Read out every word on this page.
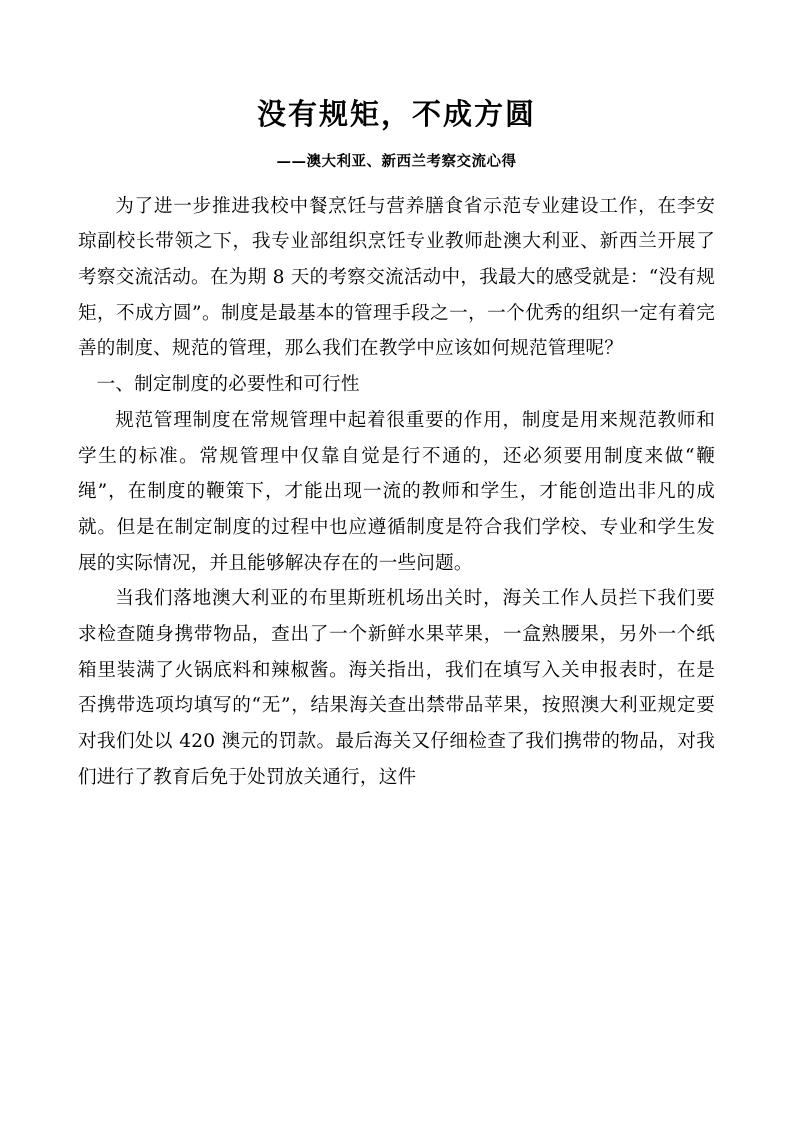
没有规矩，不成方圆
——澳大利亚、新西兰考察交流心得

为了进一步推进我校中餐烹饪与营养膳食省示范专业建设工作，在李安琼副校长带领之下，我专业部组织烹饪专业教师赴澳大利亚、新西兰开展了考察交流活动。在为期 8 天的考察交流活动中，我最大的感受就是：“没有规矩，不成方圆”。制度是最基本的管理手段之一，一个优秀的组织一定有着完善的制度、规范的管理，那么我们在教学中应该如何规范管理呢？

一、制定制度的必要性和可行性

规范管理制度在常规管理中起着很重要的作用，制度是用来规范教师和学生的标准。常规管理中仅靠自觉是行不通的，还必须要用制度来做“鞭绳”，在制度的鞭策下，才能出现一流的教师和学生，才能创造出非凡的成就。但是在制定制度的过程中也应遵循制度是符合我们学校、专业和学生发展的实际情况，并且能够解决存在的一些问题。

当我们落地澳大利亚的布里斯班机场出关时，海关工作人员拦下我们要求检查随身携带物品，查出了一个新鲜水果苹果，一盒熟腰果，另外一个纸箱里装满了火锅底料和辣椒酱。海关指出，我们在填写入关申报表时，在是否携带选项均填写的“无”，结果海关查出禁带品苹果，按照澳大利亚规定要对我们处以 420 澳元的罚款。最后海关又仔细检查了我们携带的物品，对我们进行了教育后免于处罚放关通行，这件
